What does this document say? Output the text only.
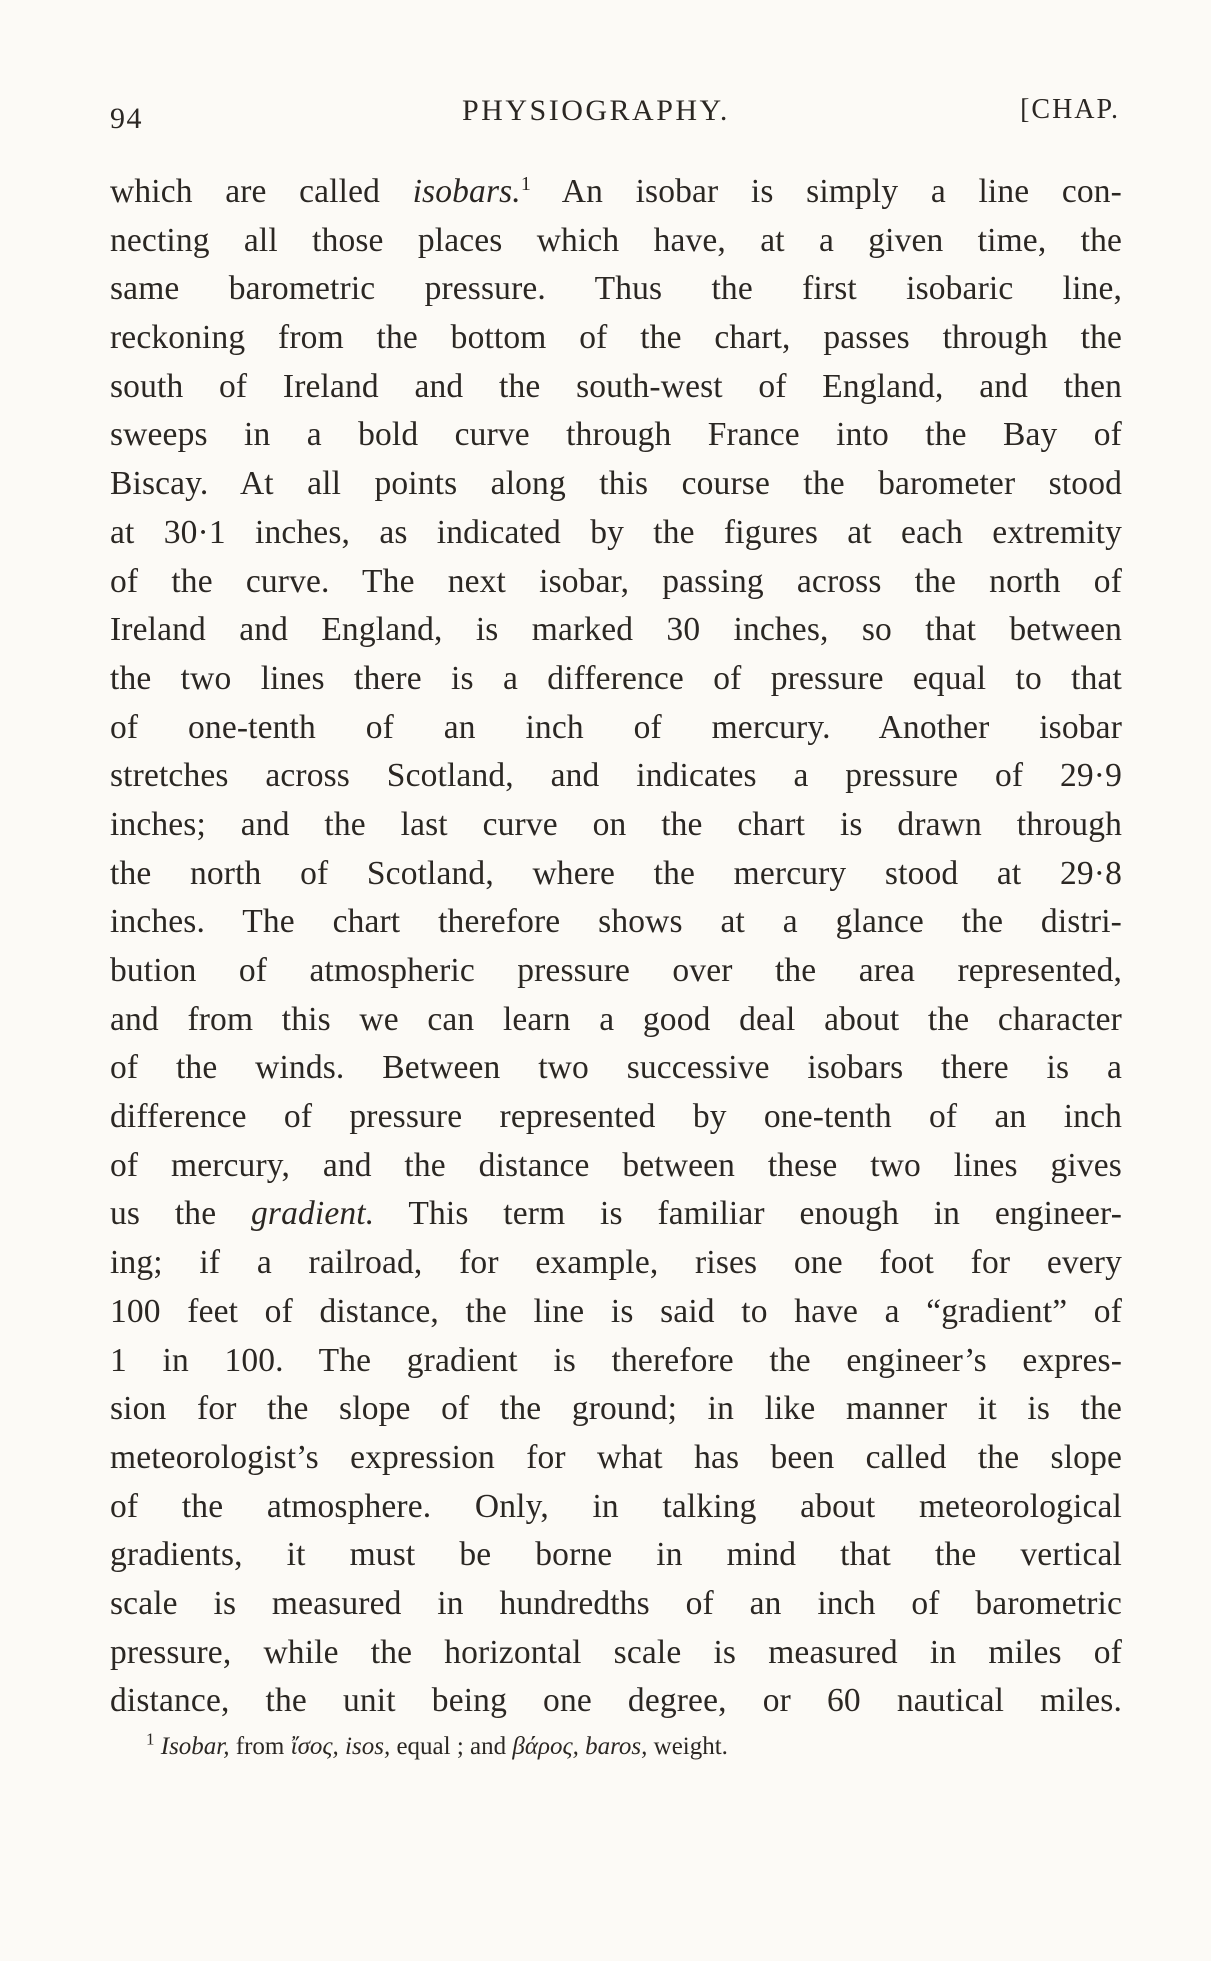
94	PHYSIOGRAPHY.	[CHAP.
which are called isobars.$^1$ An isobar is simply a line con-
necting all those places which have, at a given time, the
same barometric pressure. Thus the first isobaric line,
reckoning from the bottom of the chart, passes through the
south of Ireland and the south-west of England, and then
sweeps in a bold curve through France into the Bay of
Biscay. At all points along this course the barometer stood
at 30·1 inches, as indicated by the figures at each extremity
of the curve. The next isobar, passing across the north of
Ireland and England, is marked 30 inches, so that between
the two lines there is a difference of pressure equal to that
of one-tenth of an inch of mercury. Another isobar
stretches across Scotland, and indicates a pressure of 29·9
inches; and the last curve on the chart is drawn through
the north of Scotland, where the mercury stood at 29·8
inches. The chart therefore shows at a glance the distri-
bution of atmospheric pressure over the area represented,
and from this we can learn a good deal about the character
of the winds. Between two successive isobars there is a
difference of pressure represented by one-tenth of an inch
of mercury, and the distance between these two lines gives
us the gradient. This term is familiar enough in engineer-
ing; if a railroad, for example, rises one foot for every
100 feet of distance, the line is said to have a “gradient” of
1 in 100. The gradient is therefore the engineer’s expres-
sion for the slope of the ground; in like manner it is the
meteorologist’s expression for what has been called the slope
of the atmosphere. Only, in talking about meteorological
gradients, it must be borne in mind that the vertical
scale is measured in hundredths of an inch of barometric
pressure, while the horizontal scale is measured in miles of
distance, the unit being one degree, or 60 nautical miles.
$^1$ Isobar, from ἴσος, isos, equal ; and βάρος, baros, weight.
